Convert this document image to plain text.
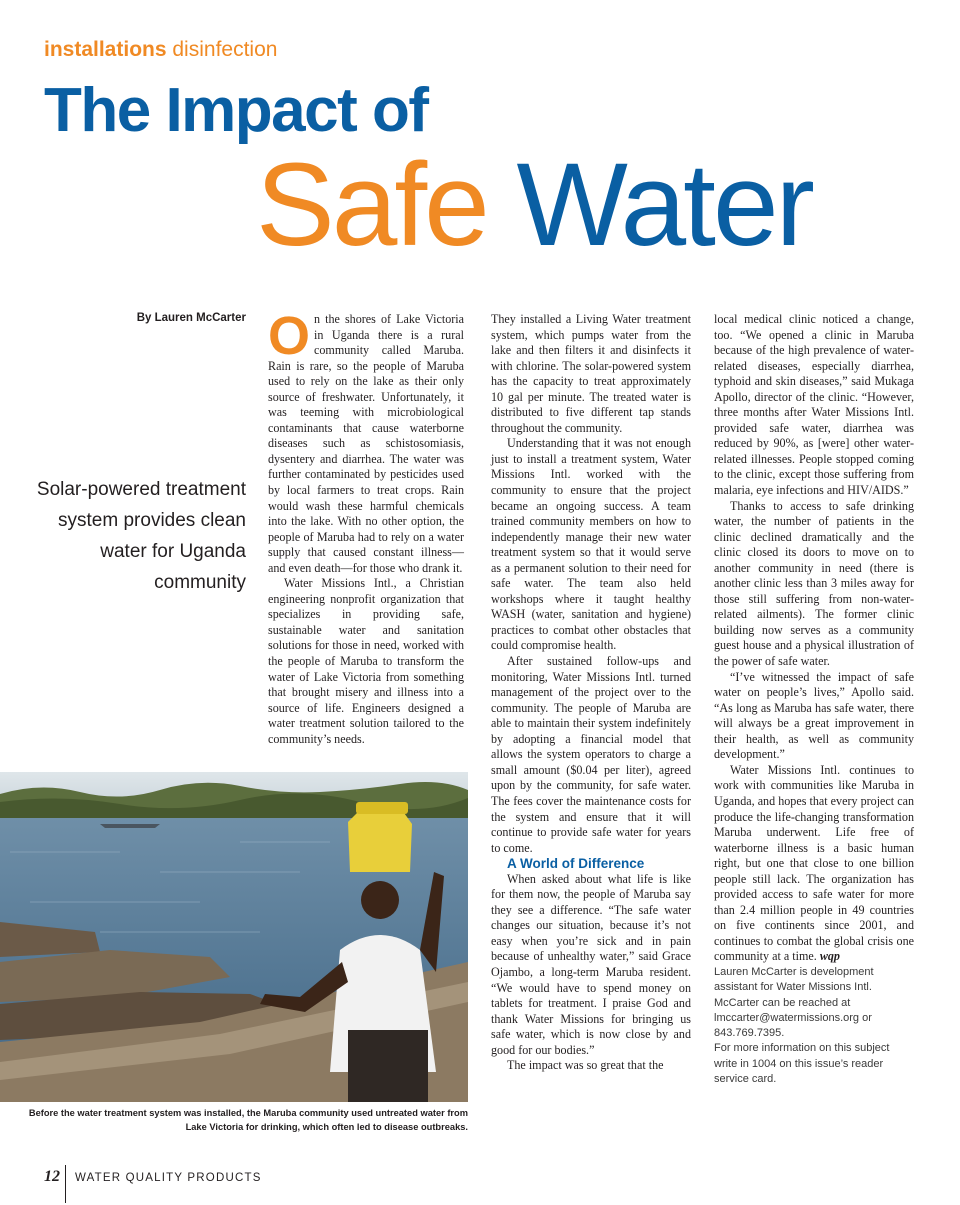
installations disinfection
The Impact of
Safe Water
By Lauren McCarter
Solar-powered treatment system provides clean water for Uganda community

On the shores of Lake Victoria in Uganda there is a rural community called Maruba. Rain is rare, so the people of Maruba used to rely on the lake as their only source of freshwater. Unfortunately, it was teeming with microbiological contaminants that cause waterborne diseases such as schistosomiasis, dysentery and diarrhea. The water was further contaminated by pesticides used by local farmers to treat crops. Rain would wash these harmful chemicals into the lake. With no other option, the people of Maruba had to rely on a water supply that caused constant illness—and even death—for those who drank it.

Water Missions Intl., a Christian engineering nonprofit organization that specializes in providing safe, sustainable water and sanitation solutions for those in need, worked with the people of Maruba to transform the water of Lake Victoria from something that brought misery and illness into a source of life. Engineers designed a water treatment solution tailored to the community’s needs.

They installed a Living Water treatment system, which pumps water from the lake and then filters it and disinfects it with chlorine. The solar-powered system has the capacity to treat approximately 10 gal per minute. The treated water is distributed to five different tap stands throughout the community.

Understanding that it was not enough just to install a treatment system, Water Missions Intl. worked with the community to ensure that the project became an ongoing success. A team trained community members on how to independently manage their new water treatment system so that it would serve as a permanent solution to their need for safe water. The team also held workshops where it taught healthy WASH (water, sanitation and hygiene) practices to combat other obstacles that could compromise health.

After sustained follow-ups and monitoring, Water Missions Intl. turned management of the project over to the community. The people of Maruba are able to maintain their system indefinitely by adopting a financial model that allows the system operators to charge a small amount ($0.04 per liter), agreed upon by the community, for safe water. The fees cover the maintenance costs for the system and ensure that it will continue to provide safe water for years to come.

A World of Difference

When asked about what life is like for them now, the people of Maruba say they see a difference. “The safe water changes our situation, because it’s not easy when you’re sick and in pain because of unhealthy water,” said Grace Ojambo, a long-term Maruba resident. “We would have to spend money on tablets for treatment. I praise God and thank Water Missions for bringing us safe water, which is now close by and good for our bodies.”

The impact was so great that the

local medical clinic noticed a change, too. “We opened a clinic in Maruba because of the high prevalence of water-related diseases, especially diarrhea, typhoid and skin diseases,” said Mukaga Apollo, director of the clinic. “However, three months after Water Missions Intl. provided safe water, diarrhea was reduced by 90%, as [were] other water-related illnesses. People stopped coming to the clinic, except those suffering from malaria, eye infections and HIV/AIDS.”

Thanks to access to safe drinking water, the number of patients in the clinic declined dramatically and the clinic closed its doors to move on to another community in need (there is another clinic less than 3 miles away for those still suffering from non-water-related ailments). The former clinic building now serves as a community guest house and a physical illustration of the power of safe water.

“I’ve witnessed the impact of safe water on people’s lives,” Apollo said. “As long as Maruba has safe water, there will always be a great improvement in their health, as well as community development.”

Water Missions Intl. continues to work with communities like Maruba in Uganda, and hopes that every project can produce the life-changing transformation Maruba underwent. Life free of waterborne illness is a basic human right, but one that close to one billion people still lack. The organization has provided access to safe water for more than 2.4 million people in 49 countries on five continents since 2001, and continues to combat the global crisis one community at a time. wqp

Lauren McCarter is development assistant for Water Missions Intl. McCarter can be reached at lmccarter@watermissions.org or 843.769.7395.

For more information on this subject write in 1004 on this issue’s reader service card.

Before the water treatment system was installed, the Maruba community used untreated water from Lake Victoria for drinking, which often led to disease outbreaks.
12 WATER QUALITY PRODUCTS
